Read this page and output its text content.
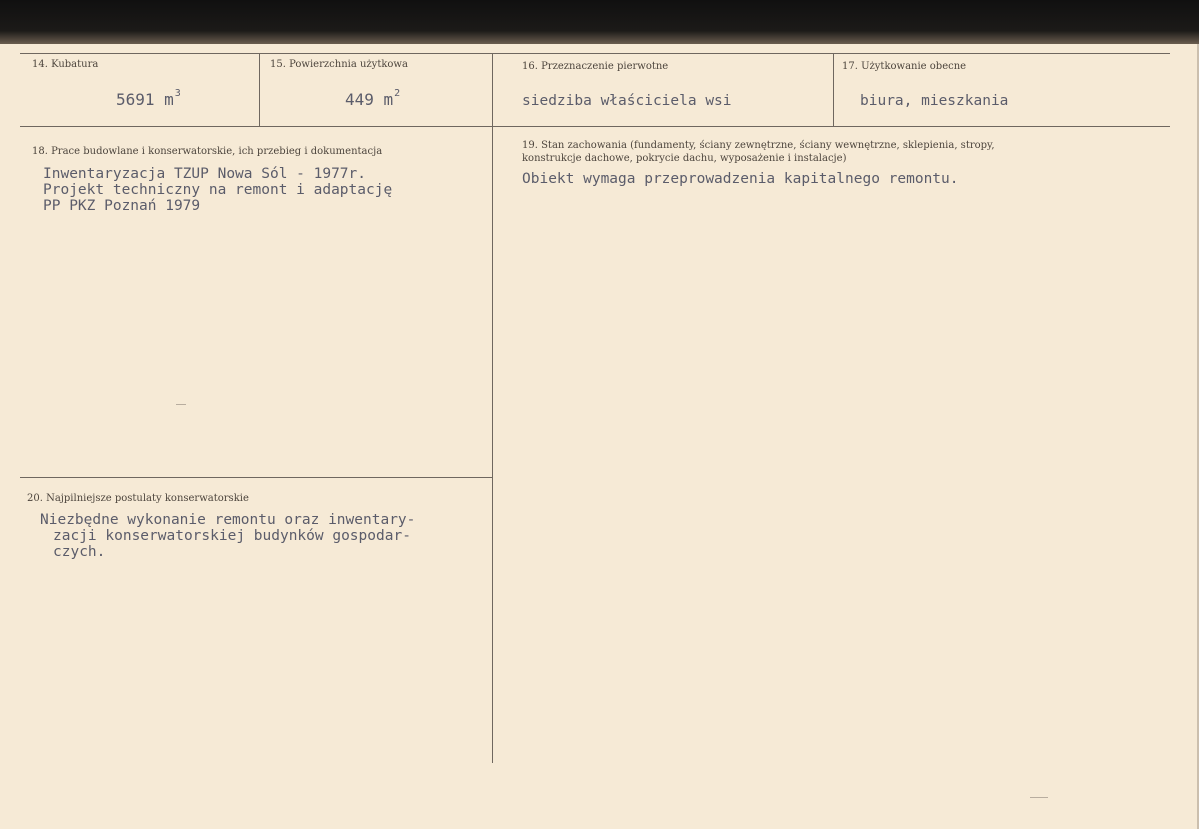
14. Kubatura
5691 $m^3$
15. Powierzchnia użytkowa
449 $m^2$
16. Przeznaczenie pierwotne
siedziba właściciela wsi
17. Użytkowanie obecne
biura, mieszkania
18. Prace budowlane i konserwatorskie, ich przebieg i dokumentacja
Inwentaryzacja TZUP Nowa Sól - 1977r.
Projekt techniczny na remont i adaptację
PP PKZ Poznań 1979
19. Stan zachowania (fundamenty, ściany zewnętrzne, ściany wewnętrzne, sklepienia, stropy,
konstrukcje dachowe, pokrycie dachu, wyposażenie i instalacje)
Obiekt wymaga przeprowadzenia kapitalnego remontu.
20. Najpilniejsze postulaty konserwatorskie
Niezbędne wykonanie remontu oraz inwentary-
zacji konserwatorskiej budynków gospodar-
czych.
